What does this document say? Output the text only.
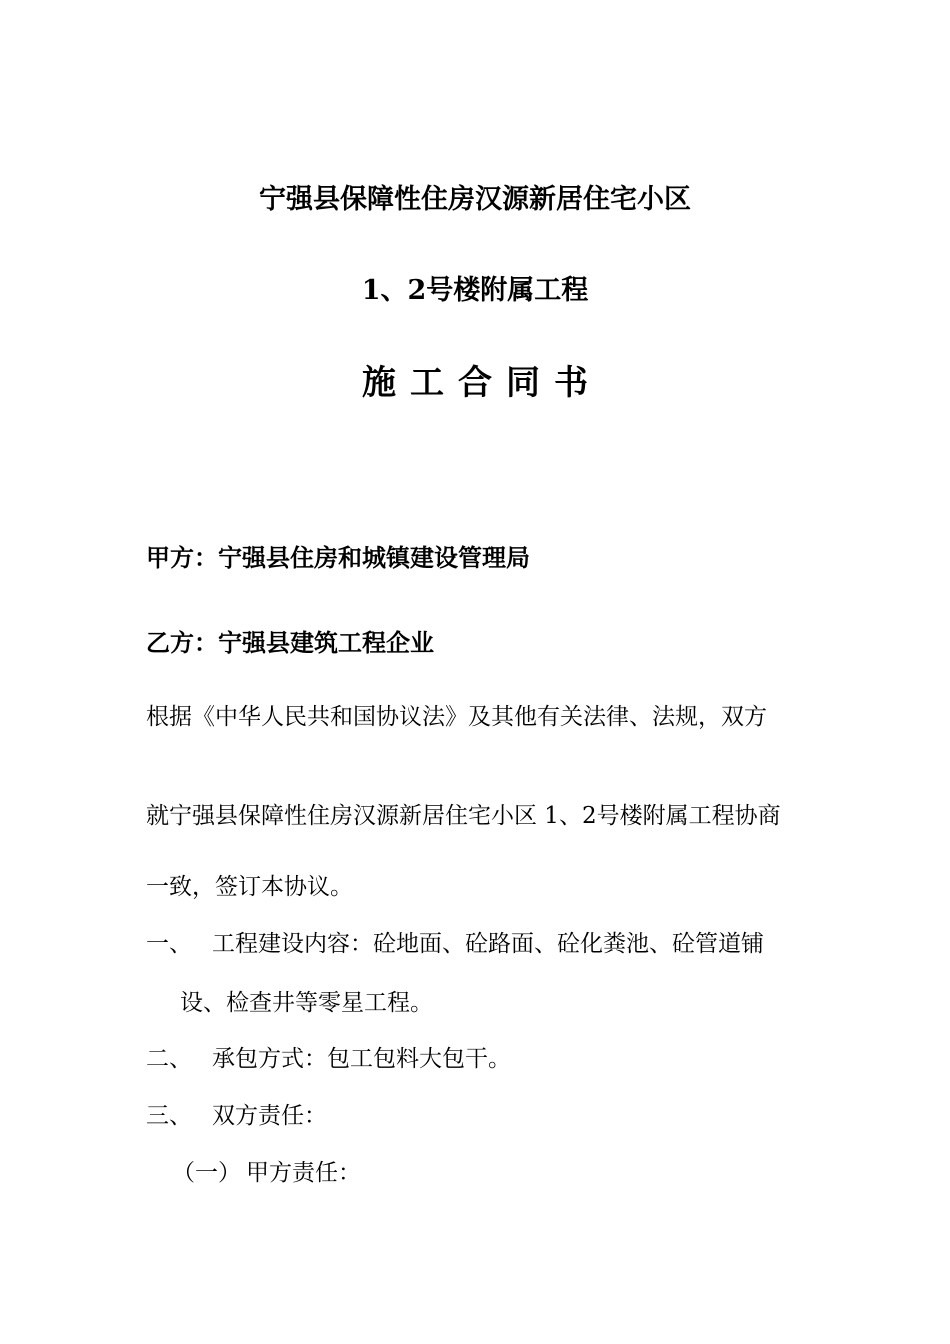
宁强县保障性住房汉源新居住宅小区
1、2号楼附属工程
施工合同书
甲方：宁强县住房和城镇建设管理局
乙方：宁强县建筑工程企业
根据《中华人民共和国协议法》及其他有关法律、法规，双方
就宁强县保障性住房汉源新居住宅小区 1、2号楼附属工程协商
一致，签订本协议。
一、 工程建设内容：砼地面、砼路面、砼化粪池、砼管道铺
设、检查井等零星工程。
二、 承包方式：包工包料大包干。
三、 双方责任：
（一） 甲方责任：
